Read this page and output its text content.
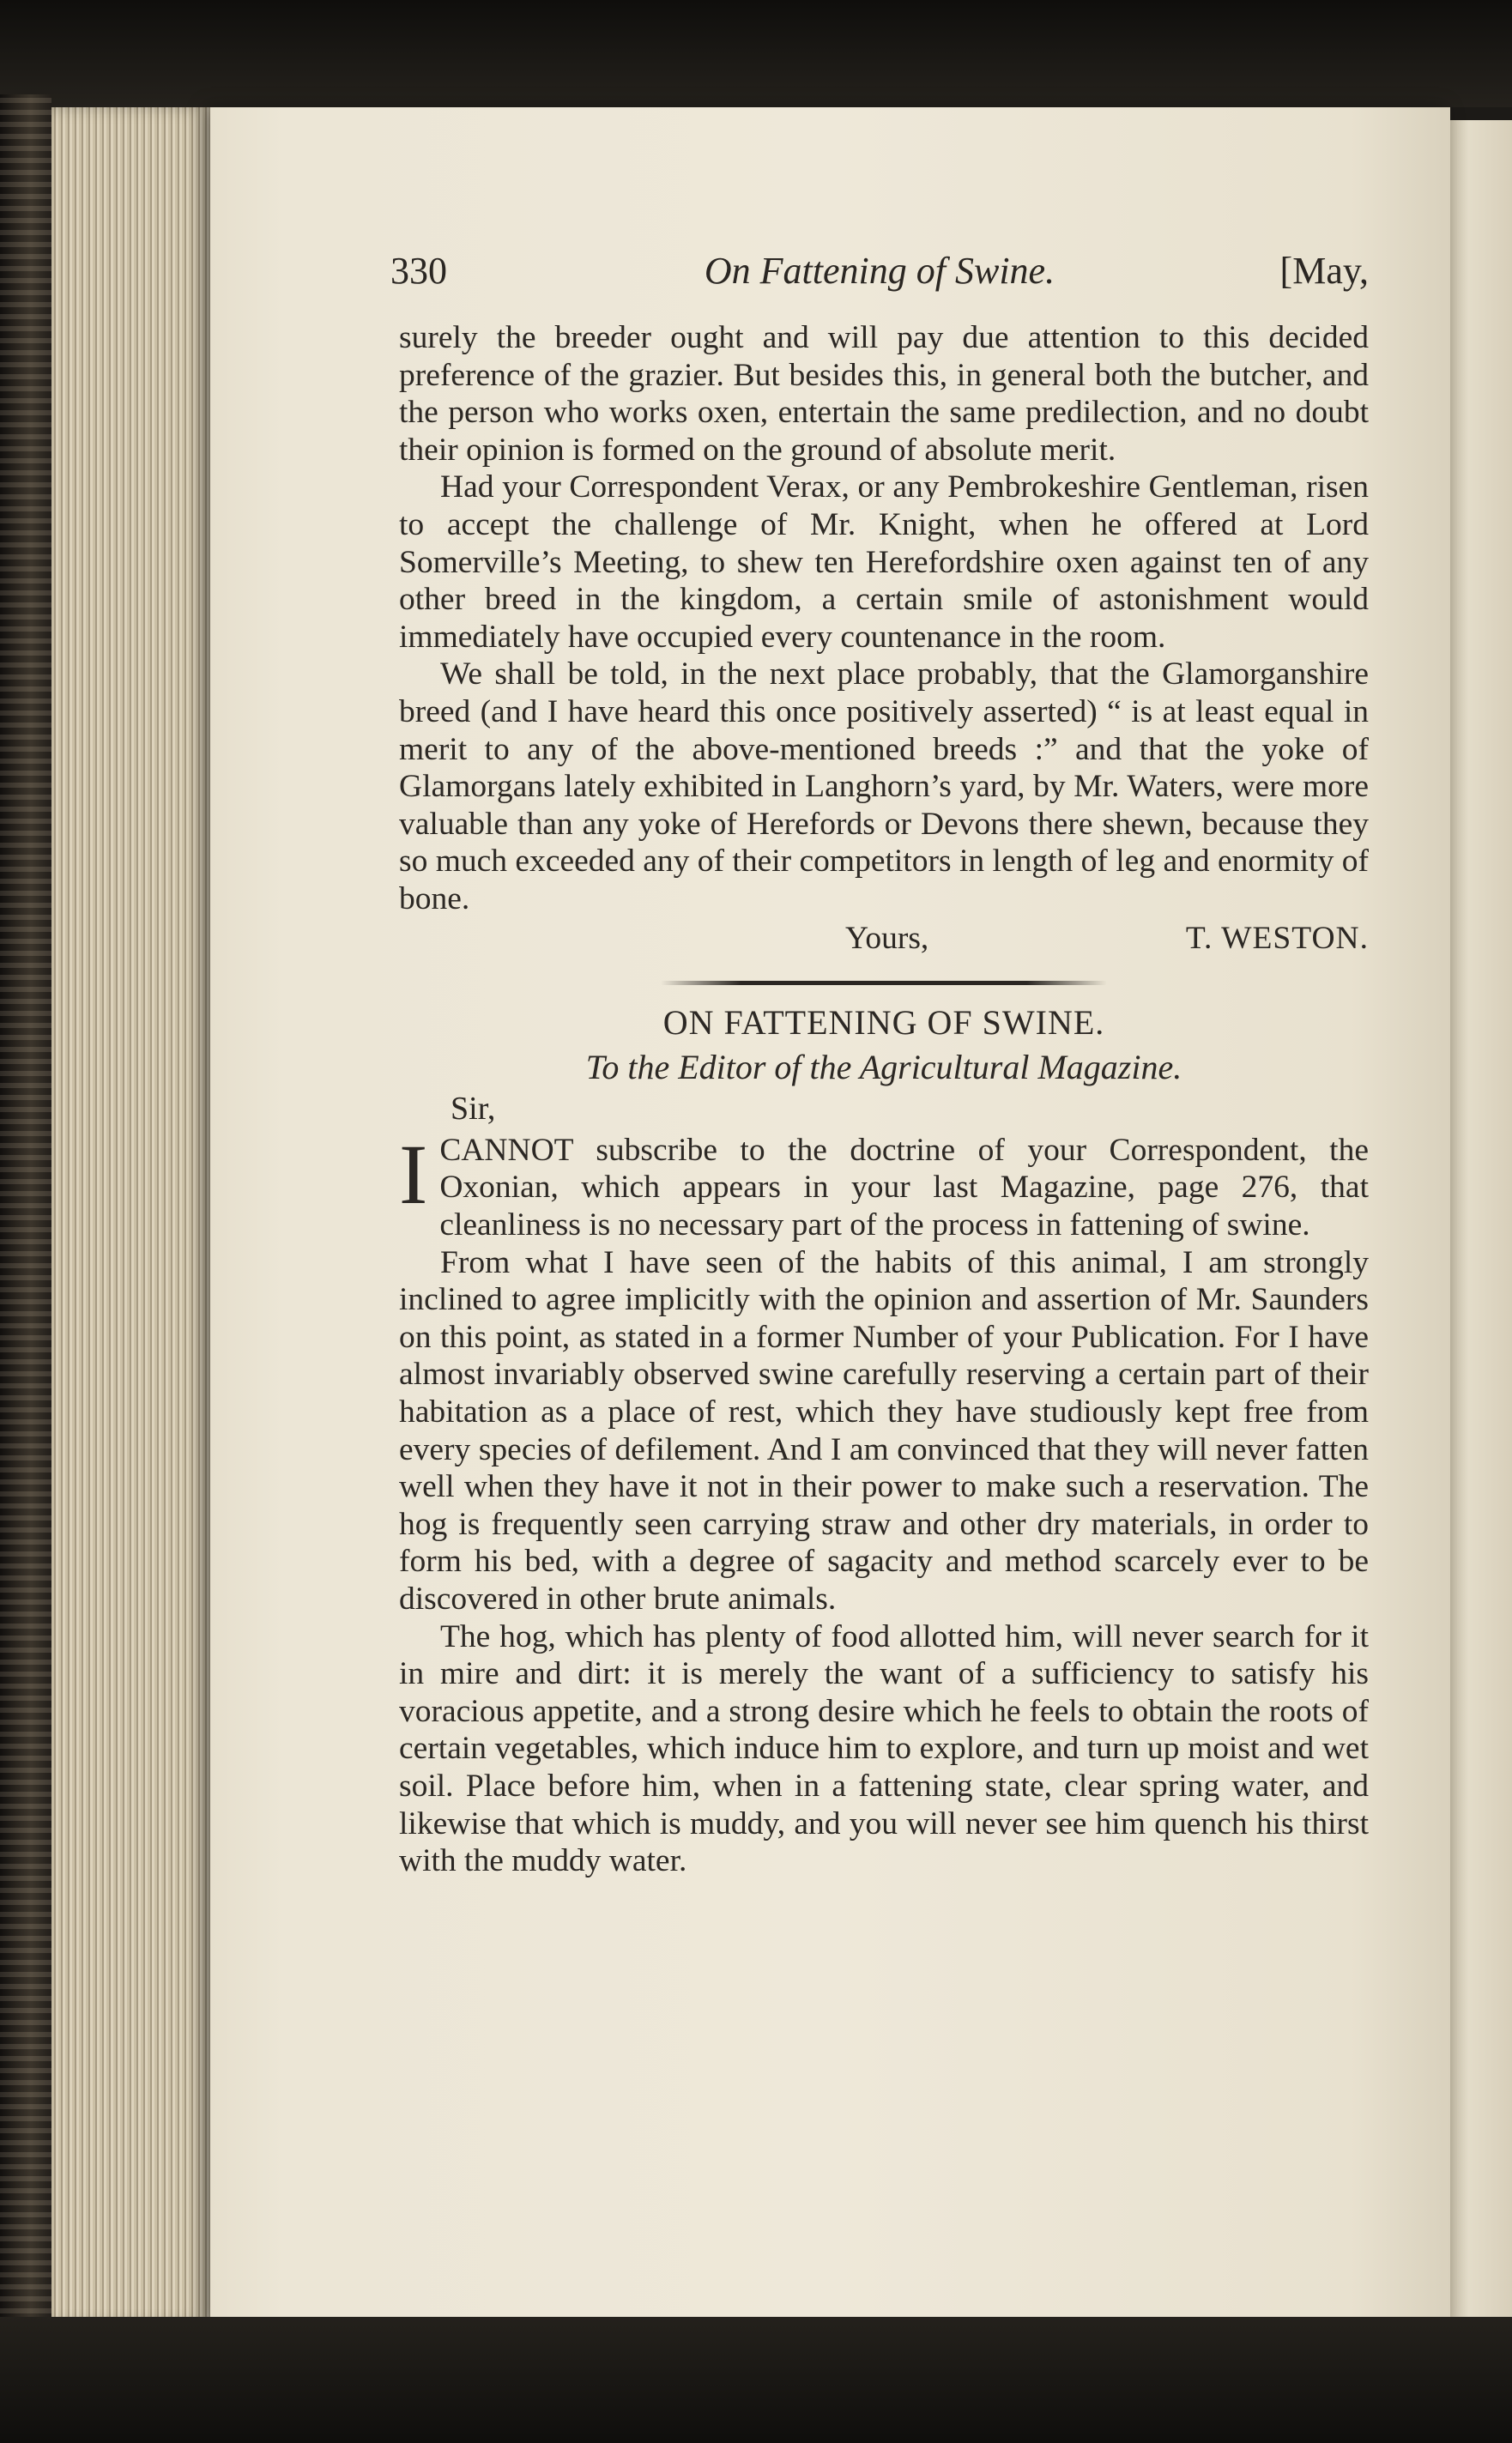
On Fattening of Swine.
330	[May,

surely the breeder ought and will pay due attention to this decided preference of the grazier. But besides this, in general both the butcher, and the person who works oxen, entertain the same predilection, and no doubt their opinion is formed on the ground of absolute merit.

Had your Correspondent Verax, or any Pembrokeshire Gentleman, risen to accept the challenge of Mr. Knight, when he offered at Lord Somerville’s Meeting, to shew ten Herefordshire oxen against ten of any other breed in the kingdom, a certain smile of astonishment would immediately have occupied every countenance in the room.

We shall be told, in the next place probably, that the Glamorganshire breed (and I have heard this once positively asserted) “ is at least equal in merit to any of the above-mentioned breeds :” and that the yoke of Glamorgans lately exhibited in Langhorn’s yard, by Mr. Waters, were more valuable than any yoke of Herefords or Devons there shewn, because they so much exceeded any of their competitors in length of leg and enormity of bone.

Yours,	T. WESTON.
ON FATTENING OF SWINE.
To the Editor of the Agricultural Magazine.
Sir,

ICANNOT subscribe to the doctrine of your Correspondent, the Oxonian, which appears in your last Magazine, page 276, that cleanliness is no necessary part of the process in fattening of swine.

From what I have seen of the habits of this animal, I am strongly inclined to agree implicitly with the opinion and assertion of Mr. Saunders on this point, as stated in a former Number of your Publication. For I have almost invariably observed swine carefully reserving a certain part of their habitation as a place of rest, which they have studiously kept free from every species of defilement. And I am convinced that they will never fatten well when they have it not in their power to make such a reservation. The hog is frequently seen carrying straw and other dry materials, in order to form his bed, with a degree of sagacity and method scarcely ever to be discovered in other brute animals.

The hog, which has plenty of food allotted him, will never search for it in mire and dirt: it is merely the want of a sufficiency to satisfy his voracious appetite, and a strong desire which he feels to obtain the roots of certain vegetables, which induce him to explore, and turn up moist and wet soil. Place before him, when in a fattening state, clear spring water, and likewise that which is muddy, and you will never see him quench his thirst with the muddy water.
